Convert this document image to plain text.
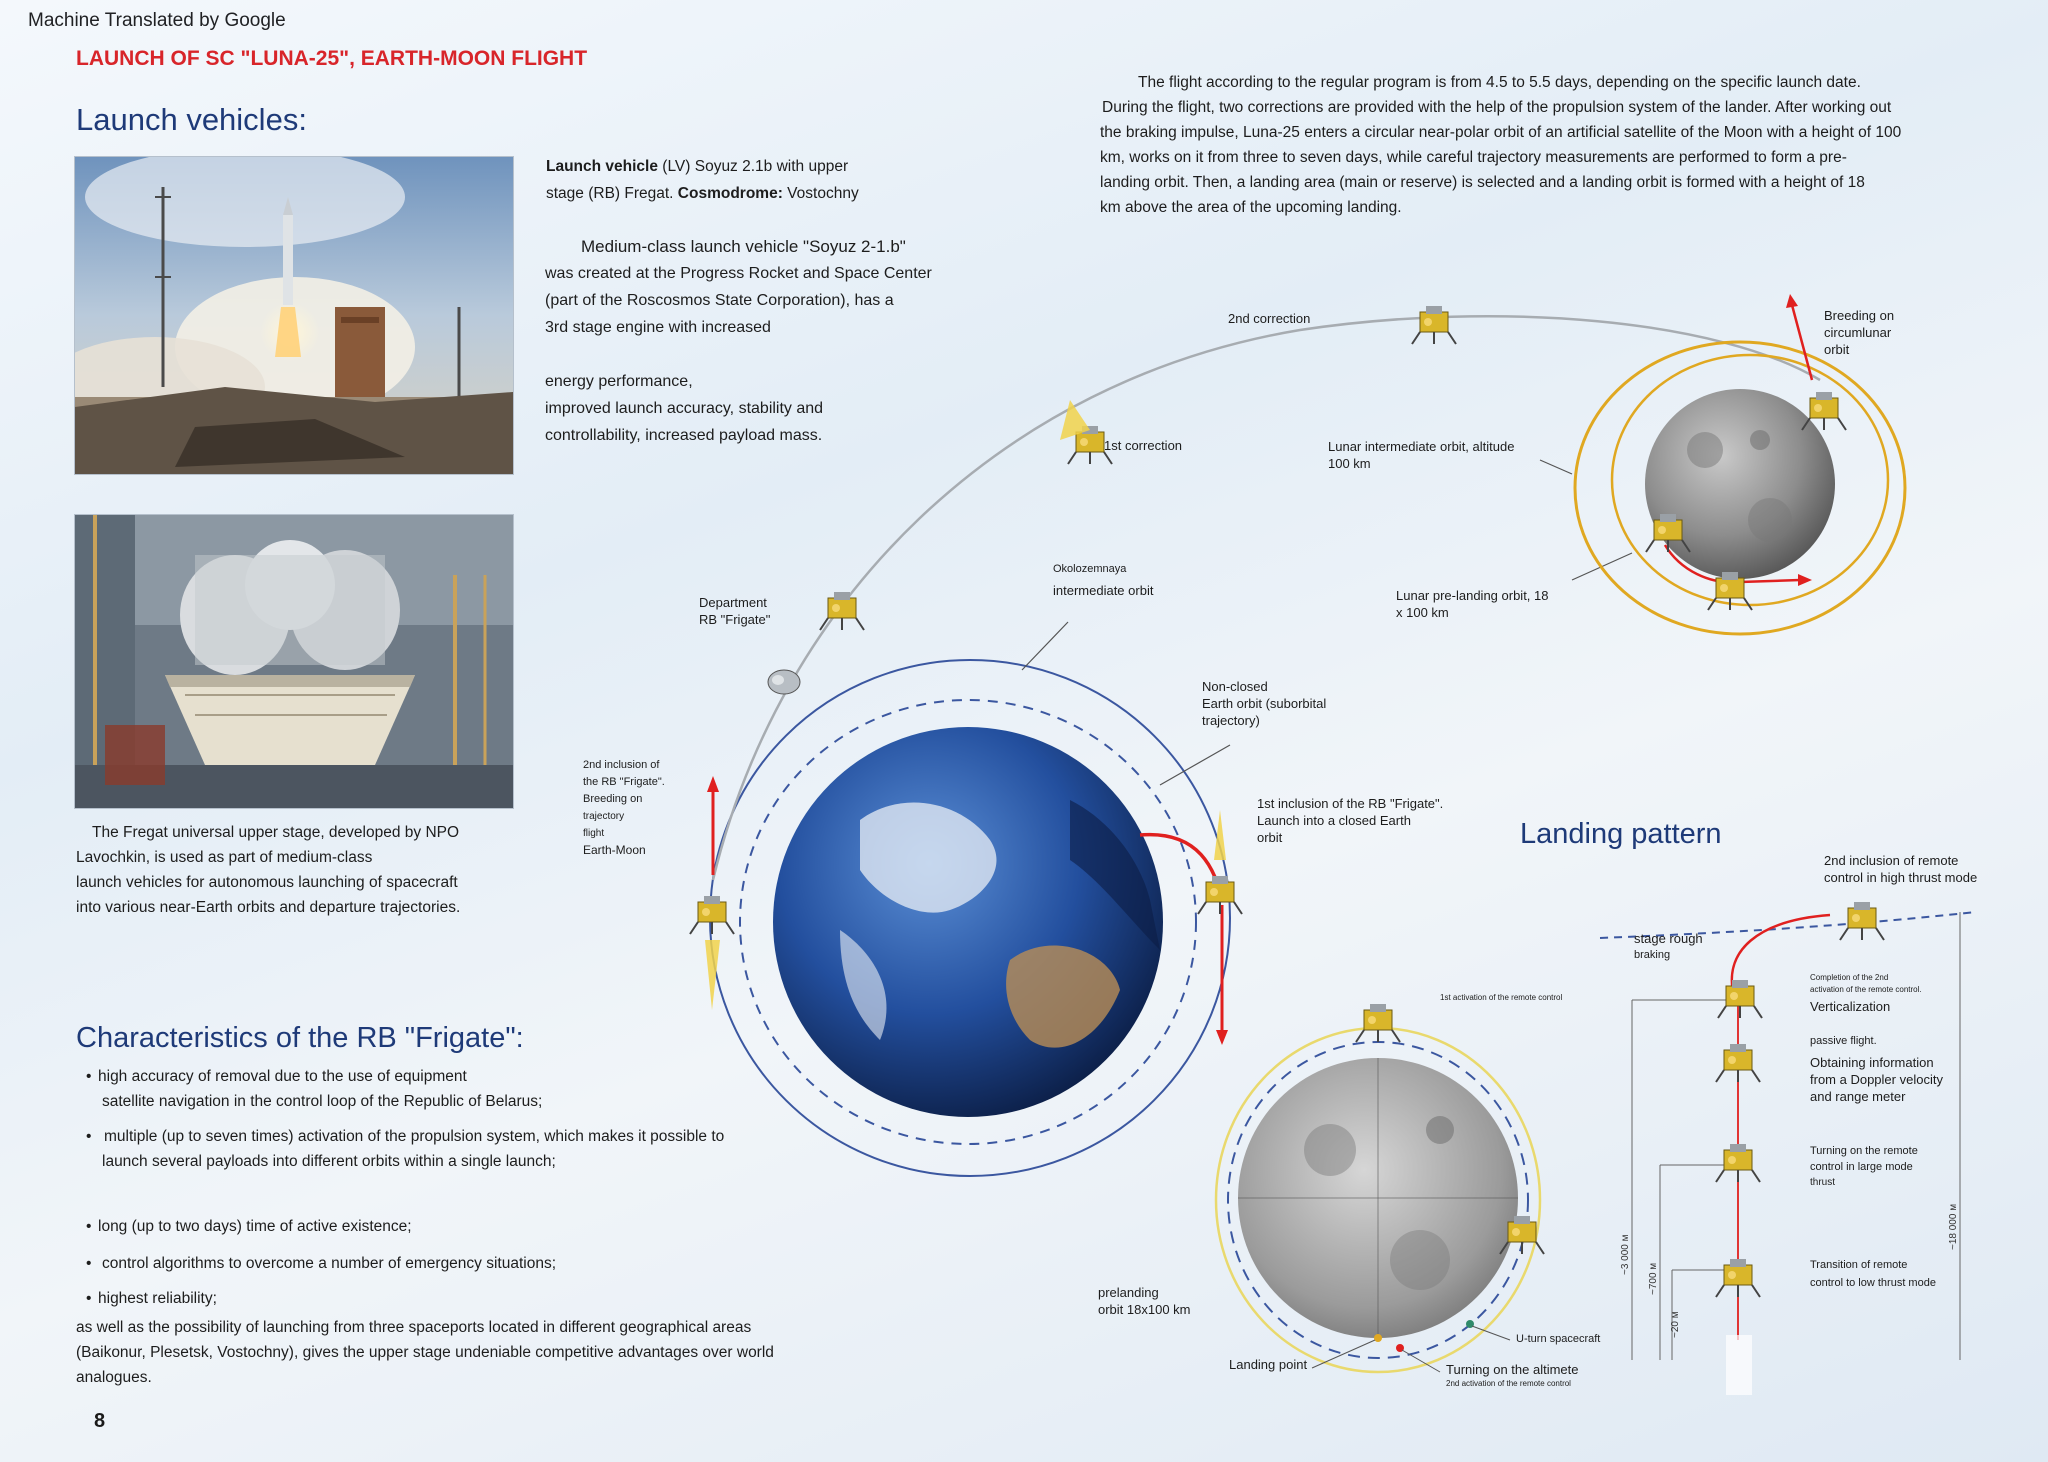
Machine Translated by Google
LAUNCH OF SC "LUNA-25", EARTH-MOON FLIGHT
Launch vehicles:

Launch vehicle (LV) Soyuz 2.1b with upper

stage (RB) Fregat. Cosmodrome: Vostochny

Medium-class launch vehicle "Soyuz 2-1.b"

was created at the Progress Rocket and Space Center

(part of the Roscosmos State Corporation), has a

3rd stage engine with increased

energy performance,

improved launch accuracy, stability and

controllability, increased payload mass.

The Fregat universal upper stage, developed by NPO

Lavochkin, is used as part of medium-class

launch vehicles for autonomous launching of spacecraft

into various near-Earth orbits and departure trajectories.

Characteristics of the RB "Frigate":
• high accuracy of removal due to the use of equipment
satellite navigation in the control loop of the Republic of Belarus;
• multiple (up to seven times) activation of the propulsion system, which makes it possible to
launch several payloads into different orbits within a single launch;
• long (up to two days) time of active existence;
• control algorithms to overcome a number of emergency situations;
• highest reliability;

as well as the possibility of launching from three spaceports located in different geographical areas

(Baikonur, Plesetsk, Vostochny), gives the upper stage undeniable competitive advantages over world

analogues.

8

The flight according to the regular program is from 4.5 to 5.5 days, depending on the specific launch date.

During the flight, two corrections are provided with the help of the propulsion system of the lander. After working out

the braking impulse, Luna-25 enters a circular near-polar orbit of an artificial satellite of the Moon with a height of 100

km, works on it from three to seven days, while careful trajectory measurements are performed to form a pre-

landing orbit. Then, a landing area (main or reserve) is selected and a landing orbit is formed with a height of 18

km above the area of the upcoming landing.

~3 000 м
~700 м
~20 м
~18 000 м
2nd correction
1st correction
Breeding on
circumlunar
orbit
Lunar intermediate orbit, altitude
100 km
Lunar pre-landing orbit, 18
x 100 km
Okolozemnaya
intermediate orbit
Department
RB "Frigate"
Non-closed
Earth orbit (suborbital
trajectory)
2nd inclusion of
the RB "Frigate".
Breeding on
trajectory
flight
Earth-Moon
1st inclusion of the RB "Frigate".
Launch into a closed Earth
orbit	Landing pattern
2nd inclusion of remote
control in high thrust mode
stage rough
braking
Completion of the 2nd
activation of the remote control.
Verticalization
passive flight.
Obtaining information
from a Doppler velocity
and range meter
Turning on the remote
control in large mode
thrust
Transition of remote
control to low thrust mode
1st activation of the remote control
prelanding
orbit 18x100 km
Landing point
U-turn spacecraft
Turning on the altimete
2nd activation of the remote control
